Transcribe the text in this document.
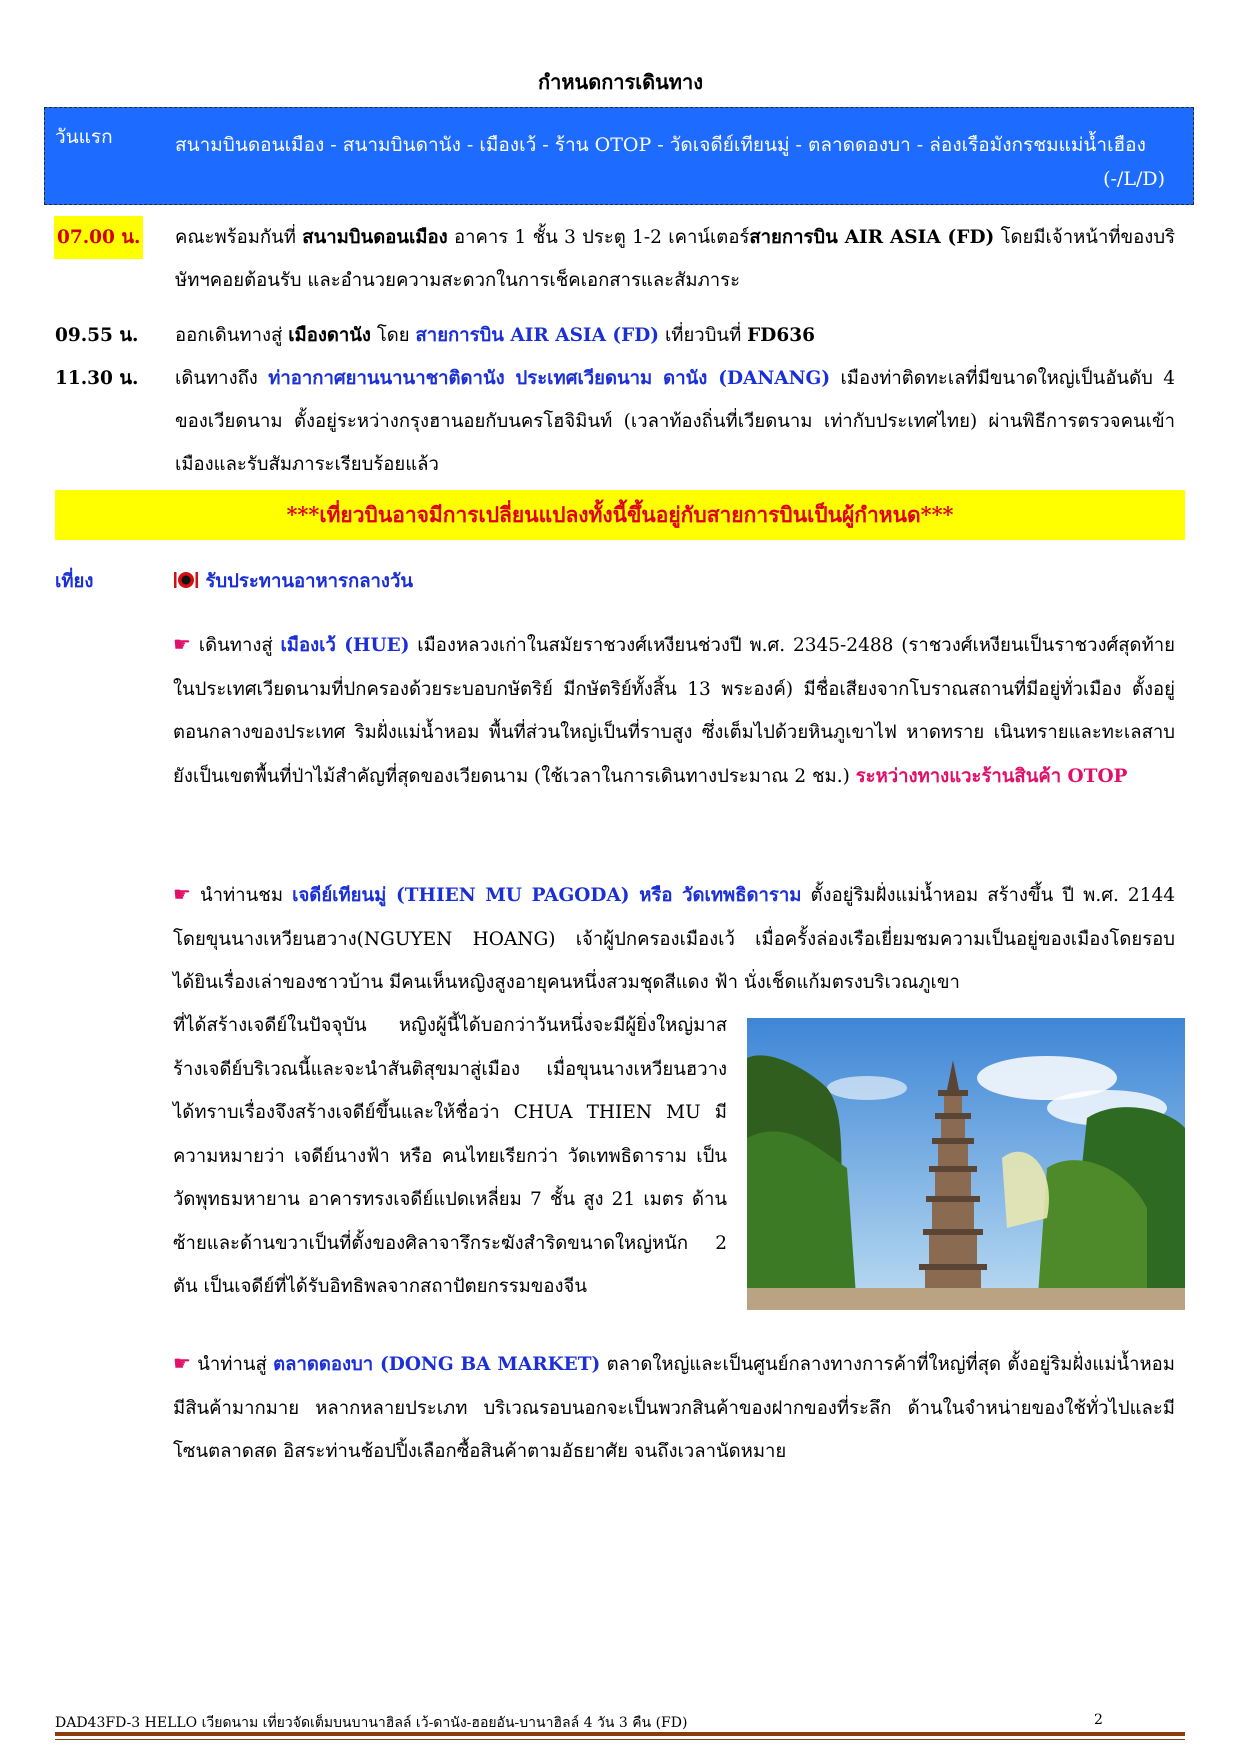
กำหนดการเดินทาง
วันแรก	สนามบินดอนเมือง - สนามบินดานัง - เมืองเว้ - ร้าน OTOP - วัดเจดีย์เทียนมู่ - ตลาดดองบา - ล่องเรือมังกรชมแม่น้ำเฮือง
(-/L/D)
07.00 น. คณะพร้อมกันที่ สนามบินดอนเมือง อาคาร 1 ชั้น 3 ประตู 1-2 เคาน์เตอร์สายการบิน AIR ASIA (FD) โดยมีเจ้าหน้าที่ของบริษัทฯคอยต้อนรับ และอำนวยความสะดวกในการเช็คเอกสารและสัมภาระ
09.55 น. ออกเดินทางสู่ เมืองดานัง โดย สายการบิน AIR ASIA (FD) เที่ยวบินที่ FD636
11.30 น. เดินทางถึง ท่าอากาศยานนานาชาติดานัง ประเทศเวียดนาม ดานัง (DANANG) เมืองท่าติดทะเลที่มีขนาดใหญ่เป็นอันดับ 4 ของเวียดนาม ตั้งอยู่ระหว่างกรุงฮานอยกับนครโฮจิมินท์ (เวลาท้องถิ่นที่เวียดนาม เท่ากับประเทศไทย) ผ่านพิธีการตรวจคนเข้าเมืองและรับสัมภาระเรียบร้อยแล้ว
***เที่ยวบินอาจมีการเปลี่ยนแปลงทั้งนี้ขึ้นอยู่กับสายการบินเป็นผู้กำหนด***
เที่ยง	รับประทานอาหารกลางวัน
☛ เดินทางสู่ เมืองเว้ (HUE) เมืองหลวงเก่าในสมัยราชวงศ์เหงียนช่วงปี พ.ศ. 2345-2488 (ราชวงศ์เหงียนเป็นราชวงศ์สุดท้ายในประเทศเวียดนามที่ปกครองด้วยระบอบกษัตริย์ มีกษัตริย์ทั้งสิ้น 13 พระองค์) มีชื่อเสียงจากโบราณสถานที่มีอยู่ทั่วเมือง ตั้งอยู่ตอนกลางของประเทศ ริมฝั่งแม่น้ำหอม พื้นที่ส่วนใหญ่เป็นที่ราบสูง ซึ่งเต็มไปด้วยหินภูเขาไฟ หาดทราย เนินทรายและทะเลสาบ ยังเป็นเขตพื้นที่ป่าไม้สำคัญที่สุดของเวียดนาม (ใช้เวลาในการเดินทางประมาณ 2 ชม.) ระหว่างทางแวะร้านสินค้า OTOP
☛ นำท่านชม เจดีย์เทียนมู่ (THIEN MU PAGODA) หรือ วัดเทพธิดาราม ตั้งอยู่ริมฝั่งแม่น้ำหอม สร้างขึ้น ปี พ.ศ. 2144 โดยขุนนางเหวียนฮวาง(NGUYEN HOANG) เจ้าผู้ปกครองเมืองเว้ เมื่อครั้งล่องเรือเยี่ยมชมความเป็นอยู่ของเมืองโดยรอบ ได้ยินเรื่องเล่าของชาวบ้าน มีคนเห็นหญิงสูงอายุคนหนึ่งสวมชุดสีแดง ฟ้า นั่งเช็ดแก้มตรงบริเวณภูเขา
ที่ได้สร้างเจดีย์ในปัจจุบัน หญิงผู้นี้ได้บอกว่าวันหนึ่งจะมีผู้ยิ่งใหญ่มาสร้างเจดีย์บริเวณนี้และจะนำสันติสุขมาสู่เมือง เมื่อขุนนางเหวียนฮวาง ได้ทราบเรื่องจึงสร้างเจดีย์ขึ้นและให้ชื่อว่า CHUA THIEN MU มีความหมายว่า เจดีย์นางฟ้า หรือ คนไทยเรียกว่า วัดเทพธิดาราม เป็นวัดพุทธมหายาน อาคารทรงเจดีย์แปดเหลี่ยม 7 ชั้น สูง 21 เมตร ด้านซ้ายและด้านขวาเป็นที่ตั้งของศิลาจารึกระฆังสำริดขนาดใหญ่หนัก 2 ตัน เป็นเจดีย์ที่ได้รับอิทธิพลจากสถาปัตยกรรมของจีน
☛ นำท่านสู่ ตลาดดองบา (DONG BA MARKET) ตลาดใหญ่และเป็นศูนย์กลางทางการค้าที่ใหญ่ที่สุด ตั้งอยู่ริมฝั่งแม่น้ำหอม มีสินค้ามากมาย หลากหลายประเภท บริเวณรอบนอกจะเป็นพวกสินค้าของฝากของที่ระลึก ด้านในจำหน่ายของใช้ทั่วไปและมีโซนตลาดสด อิสระท่านช้อปปิ้งเลือกซื้อสินค้าตามอัธยาศัย จนถึงเวลานัดหมาย
DAD43FD-3 HELLO เวียดนาม เที่ยวจัดเต็มบนบานาฮิลล์ เว้-ดานัง-ฮอยอัน-บานาฮิลล์ 4 วัน 3 คืน (FD)	2
